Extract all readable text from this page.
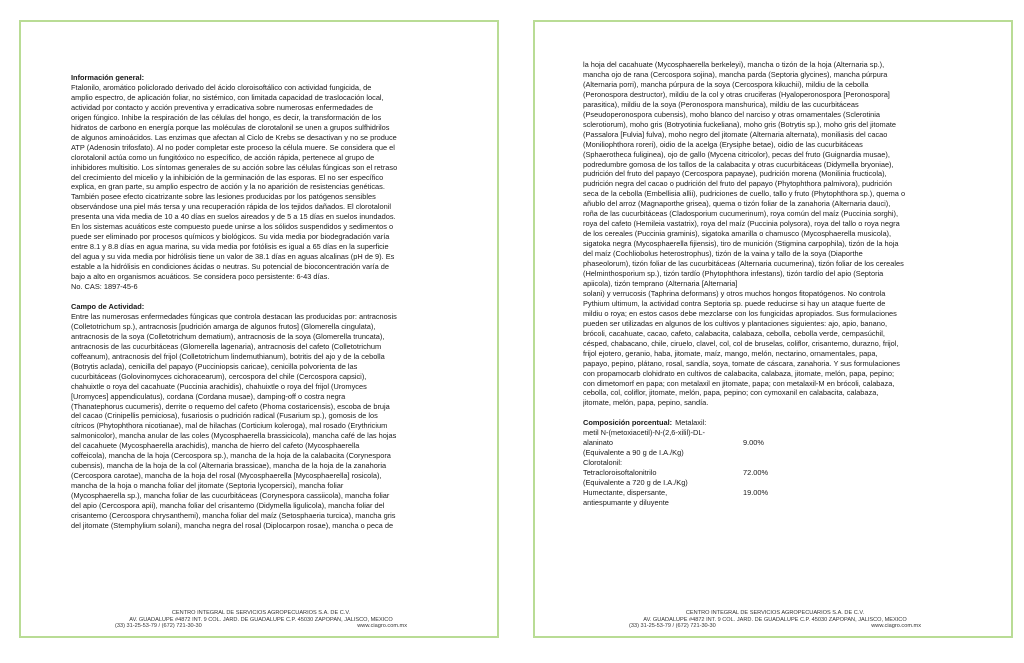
Información general:
Ftalonilo, aromático policlorado derivado del ácido cloroisoftálico con actividad fungicida, de
amplio espectro, de aplicación foliar, no sistémico, con limitada capacidad de traslocación local,
actividad por contacto y acción preventiva y erradicativa sobre numerosas enfermedades de
origen fúngico. Inhibe la respiración de las células del hongo, es decir, la transformación de los
hidratos de carbono en energía porque las moléculas de clorotalonil se unen a grupos sulfhidrilos
de algunos aminoácidos. Las enzimas que afectan al Ciclo de Krebs se desactivan y no se produce
ATP (Adenosin trifosfato). Al no poder completar este proceso la célula muere. Se considera que el
clorotalonil actúa como un fungitóxico no específico, de acción rápida, pertenece al grupo de
inhibidores multisitio. Los síntomas generales de su acción sobre las células fúngicas son el retraso
del crecimiento del micelio y la inhibición de la germinación de las esporas. El no ser específico
explica, en gran parte, su amplio espectro de acción y la no aparición de resistencias genéticas.
También posee efecto cicatrizante sobre las lesiones producidas por los patógenos sensibles
observándose una piel más tersa y una recuperación rápida de los tejidos dañados. El clorotalonil
presenta una vida media de 10 a 40 días en suelos aireados y de 5 a 15 días en suelos inundados.
En los sistemas acuáticos este compuesto puede unirse a los sólidos suspendidos y sedimentos o
puede ser eliminado por procesos químicos y biológicos. Su vida media por biodegradación varía
entre 8.1 y 8.8 días en agua marina, su vida media por fotólisis es igual a 65 días en la superficie
del agua y su vida media por hidrólisis tiene un valor de 38.1 días en aguas alcalinas (pH de 9). Es
estable a la hidrólisis en condiciones ácidas o neutras. Su potencial de bioconcentración varía de
bajo a alto en organismos acuáticos. Se considera poco persistente: 6-43 días.
No. CAS: 1897-45-6
Campo de Actividad:
Entre las numerosas enfermedades fúngicas que controla destacan las producidas por: antracnosis
(Colletotrichum sp.), antracnosis [pudrición amarga de algunos frutos] (Glomerella cingulata),
antracnosis de la soya (Colletotrichum dematium), antracnosis de la soya (Glomerella truncata),
antracnosis de las cucurbitáceas (Glomerella lagenaria), antracnosis del cafeto (Colletotrichum
coffeanum), antracnosis del frijol (Colletotrichum lindemuthianum), botritis del ajo y de la cebolla
(Botrytis aclada), cenicilla del papayo (Pucciniopsis caricae), cenicilla polvorienta de las
cucurbitáceas (Golovinomyces cichoracearum), cercospora del chile (Cercospora capsici),
chahuixtle o roya del cacahuate (Puccinia arachidis), chahuixtle o roya del frijol (Uromyces
[Uromyces] appendiculatus), cordana (Cordana musae), damping-off o costra negra
(Thanatephorus cucumeris), derrite o requemo del cafeto (Phoma costaricensis), escoba de bruja
del cacao (Crinipellis perniciosa), fusariosis o pudrición radical (Fusarium sp.), gomosis de los
cítricos (Phytophthora nicotianae), mal de hilachas (Corticium koleroga), mal rosado (Erythricium
salmonicolor), mancha anular de las coles (Mycosphaerella brassicicola), mancha café de las hojas
del cacahuete (Mycosphaerella arachidis), mancha de hierro del cafeto (Mycosphaerella
coffeicola), mancha de la hoja (Cercospora sp.), mancha de la hoja de la calabacita (Corynespora
cubensis), mancha de la hoja de la col (Alternaria brassicae), mancha de la hoja de la zanahoria
(Cercospora carotae), mancha de la hoja del rosal (Mycosphaerella [Mycosphaerella] rosicola),
mancha de la hoja o mancha foliar del jitomate (Septoria lycopersici), mancha foliar
(Mycosphaerella sp.), mancha foliar de las cucurbitáceas (Corynespora cassiicola), mancha foliar
del apio (Cercospora apii), mancha foliar del crisantemo (Didymella ligulicola), mancha foliar del
crisantemo (Cercospora chrysanthemi), mancha foliar del maíz (Setosphaeria turcica), mancha gris
del jitomate (Stemphylium solani), mancha negra del rosal (Diplocarpon rosae), mancha o peca de
CENTRO INTEGRAL DE SERVICIOS AGROPECUARIOS S.A. DE C.V.
AV. GUADALUPE #4872 INT. 9 COL. JARD. DE GUADALUPE C.P. 45030 ZAPOPAN, JALISCO, MEXICO
(33) 31-25-53-79 / (672) 721-30-30	www.ciagro.com.mx
la hoja del cacahuate (Mycosphaerella berkeleyi), mancha o tizón de la hoja (Alternaria sp.),
mancha ojo de rana (Cercospora sojina), mancha parda (Septoria glycines), mancha púrpura
(Alternaria porri), mancha púrpura de la soya (Cercospora kikuchii), mildiu de la cebolla
(Peronospora destructor), mildiu de la col y otras cruciferas (Hyaloperonospora [Peronospora]
parasitica), mildiu de la soya (Peronospora manshurica), mildiu de las cucurbitáceas
(Pseudoperonospora cubensis), moho blanco del narciso y otras ornamentales (Sclerotinia
sclerotiorum), moho gris (Botryotinia fuckeliana), moho gris (Botrytis sp.), moho gris del jitomate
(Passalora [Fulvia] fulva), moho negro del jitomate (Alternaria alternata), moniliasis del cacao
(Moniliophthora roreri), oidio de la acelga (Erysiphe betae), oidio de las cucurbitáceas
(Sphaerotheca fuliginea), ojo de gallo (Mycena citricolor), pecas del fruto (Guignardia musae),
podredumbre gomosa de los tallos de la calabacita y otras cucurbitáceas (Didymella bryoniae),
pudrición del fruto del papayo (Cercospora papayae), pudrición morena (Monilinia fructicola),
pudrición negra del cacao o pudrición del fruto del papayo (Phytophthora palmivora), pudrición
seca de la cebolla (Embellisia allii), pudriciones de cuello, tallo y fruto (Phytophthora sp.), quema o
añublo del arroz (Magnaporthe grisea), quema o tizón foliar de la zanahoria (Alternaria dauci),
roña de las cucurbitáceas (Cladosporium cucumerinum), roya común del maíz (Puccinia sorghi),
roya del cafeto (Hemileia vastatrix), roya del maíz (Puccinia polysora), roya del tallo o roya negra
de los cereales (Puccinia graminis), sigatoka amarilla o chamusco (Mycosphaerella musicola),
sigatoka negra (Mycosphaerella fijiensis), tiro de munición (Stigmina carpophila), tizón de la hoja
del maíz (Cochliobolus heterostrophus), tizón de la vaina y tallo de la soya (Diaporthe
phaseolorum), tizón foliar de las cucurbitáceas (Alternaria cucumerina), tizón foliar de los cereales
(Helminthosporium sp.), tizón tardío (Phytophthora infestans), tizón tardío del apio (Septoria
apiicola), tizón temprano (Alternaria [Alternaria]
solani) y verrucosis (Taphrina deformans) y otros muchos hongos fitopatógenos. No controla
Pythium ultimum, la actividad contra Septoria sp. puede reducirse si hay un ataque fuerte de
mildiu o roya; en estos casos debe mezclarse con los fungicidas apropiados. Sus formulaciones
pueden ser utilizadas en algunos de los cultivos y plantaciones siguientes: ajo, apio, banano,
brócoli, cacahuate, cacao, cafeto, calabacita, calabaza, cebolla, cebolla verde, cempasúchil,
césped, chabacano, chile, ciruelo, clavel, col, col de bruselas, coliflor, crisantemo, durazno, frijol,
frijol ejotero, geranio, haba, jitomate, maíz, mango, melón, nectarino, ornamentales, papa,
papayo, pepino, plátano, rosal, sandía, soya, tomate de cáscara, zanahoria. Y sus formulaciones
con propamocarb clohidrato en cultivos de calabacita, calabaza, jitomate, melón, papa, pepino;
con dimetomorf en papa; con metalaxil en jitomate, papa; con metalaxil-M en brócoli, calabaza,
cebolla, col, coliflor, jitomate, melón, papa, pepino; con cymoxanil en calabacita, calabaza,
jitomate, melón, papa, pepino, sandía.
Composición porcentual: Metalaxil:
metil N-(metoxiacetil)-N-(2,6-xilil)-DL-
alaninato	9.00%
(Equivalente a 90 g de I.A./Kg)
Clorotalonil:
Tetracloroisoftalonitrilo	72.00%
(Equivalente a 720 g de I.A./Kg)
Humectante, dispersante,	19.00%
antiespumante y diluyente
CENTRO INTEGRAL DE SERVICIOS AGROPECUARIOS S.A. DE C.V.
AV. GUADALUPE #4872 INT. 9 COL. JARD. DE GUADALUPE C.P. 45030 ZAPOPAN, JALISCO, MEXICO
(33) 31-25-53-79 / (672) 721-30-30	www.ciagro.com.mx
